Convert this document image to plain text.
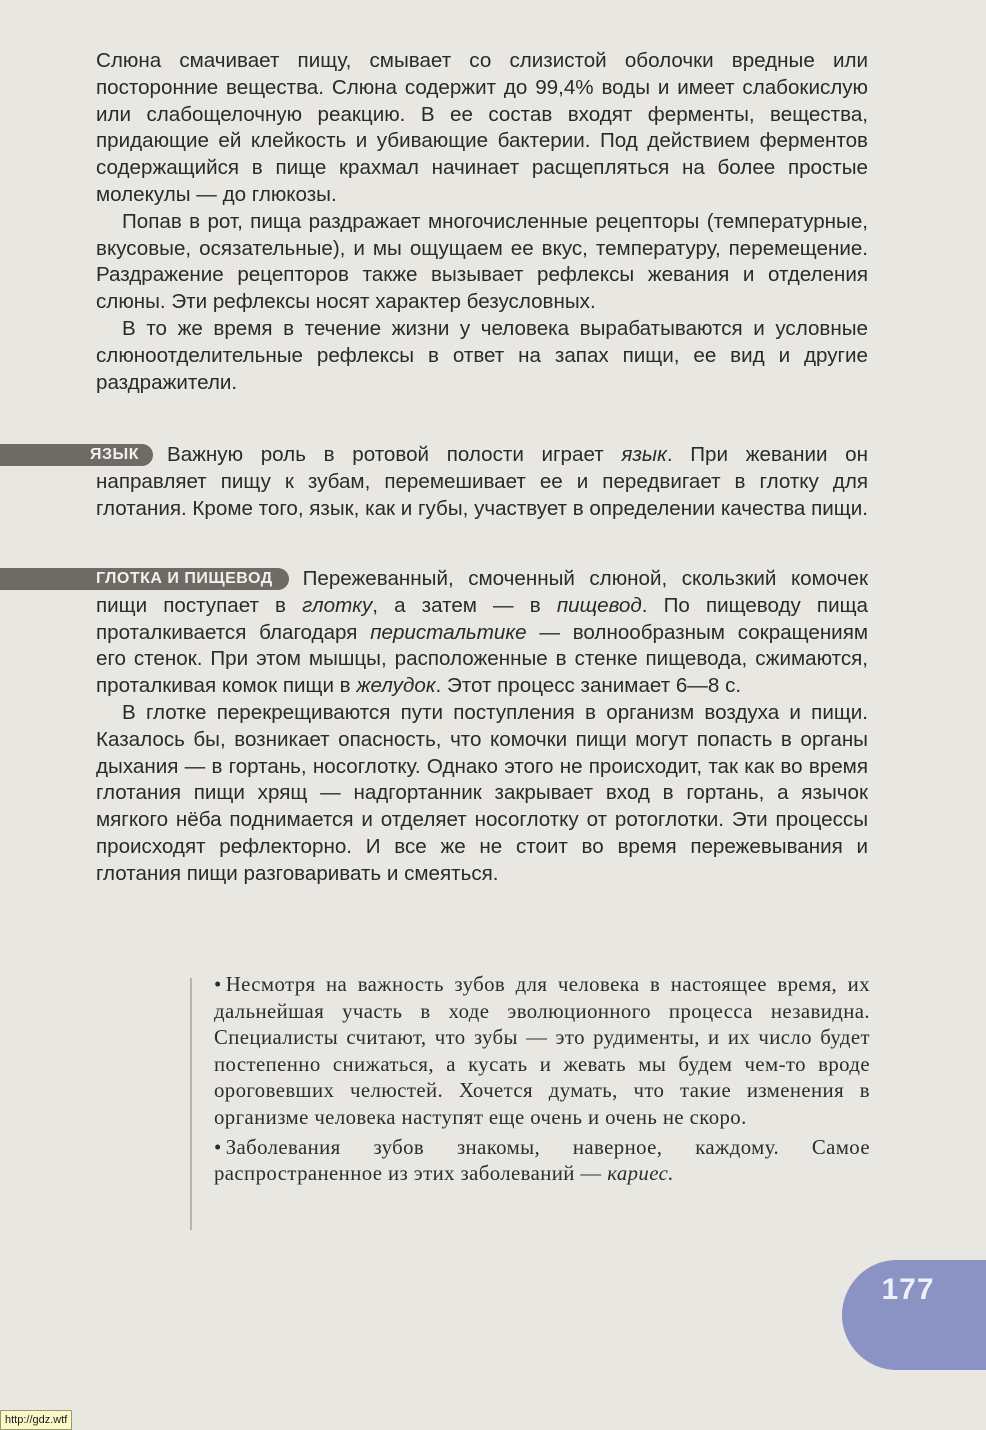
Слюна смачивает пищу, смывает со слизистой оболочки вредные или посторонние вещества. Слюна содержит до 99,4% воды и имеет слабокислую или слабощелочную реакцию. В ее состав входят ферменты, вещества, придающие ей клейкость и убивающие бактерии. Под действием ферментов содержащийся в пище крахмал начинает расщепляться на более простые молекулы — до глюкозы.

Попав в рот, пища раздражает многочисленные рецепторы (температурные, вкусовые, осязательные), и мы ощущаем ее вкус, температуру, перемещение. Раздражение рецепторов также вызывает рефлексы жевания и отделения слюны. Эти рефлексы носят характер безусловных.

В то же время в течение жизни у человека вырабатываются и условные слюноотделительные рефлексы в ответ на запах пищи, ее вид и другие раздражители.

ЯЗЫК Важную роль в ротовой полости играет язык. При жевании он направляет пищу к зубам, перемешивает ее и передвигает в глотку для глотания. Кроме того, язык, как и губы, участвует в определении качества пищи.

ГЛОТКА И ПИЩЕВОД Пережеванный, смоченный слюной, скользкий комочек пищи поступает в глотку, а затем — в пищевод. По пищеводу пища проталкивается благодаря перистальтике — волнообразным сокращениям его стенок. При этом мышцы, расположенные в стенке пищевода, сжимаются, проталкивая комок пищи в желудок. Этот процесс занимает 6—8 с.

В глотке перекрещиваются пути поступления в организм воздуха и пищи. Казалось бы, возникает опасность, что комочки пищи могут попасть в органы дыхания — в гортань, носоглотку. Однако этого не происходит, так как во время глотания пищи хрящ — надгортанник закрывает вход в гортань, а язычок мягкого нёба поднимается и отделяет носоглотку от ротоглотки. Эти процессы происходят рефлекторно. И все же не стоит во время пережевывания и глотания пищи разговаривать и смеяться.

• Несмотря на важность зубов для человека в настоящее время, их дальнейшая участь в ходе эволюционного процесса незавидна. Специалисты считают, что зубы — это рудименты, и их число будет постепенно снижаться, а кусать и жевать мы будем чем-то вроде ороговевших челюстей. Хочется думать, что такие изменения в организме человека наступят еще очень и очень не скоро.

• Заболевания зубов знакомы, наверное, каждому. Самое распространенное из этих заболеваний — кариес.

177
http://gdz.wtf
